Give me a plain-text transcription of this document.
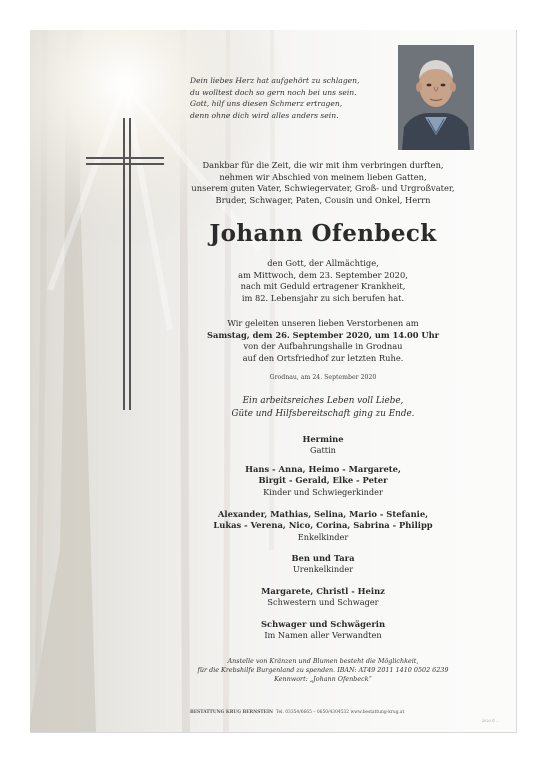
Dein liebes Herz hat aufgehört zu schlagen,
du wolltest doch so gern noch bei uns sein.
Gott, hilf uns diesen Schmerz ertragen,
denn ohne dich wird alles anders sein.
Dankbar für die Zeit, die wir mit ihm verbringen durften,
nehmen wir Abschied von meinem lieben Gatten,
unserem guten Vater, Schwiegervater, Groß- und Urgroßvater,
Bruder, Schwager, Paten, Cousin und Onkel, Herrn
Johann Ofenbeck
den Gott, der Allmächtige,
am Mittwoch, dem 23. September 2020,
nach mit Geduld ertragener Krankheit,
im 82. Lebensjahr zu sich berufen hat.
Wir geleiten unseren lieben Verstorbenen am
Samstag, dem 26. September 2020, um 14.00 Uhr
von der Aufbahrungshalle in Grodnau
auf den Ortsfriedhof zur letzten Ruhe.
Grodnau, am 24. September 2020
Ein arbeitsreiches Leben voll Liebe,
Güte und Hilfsbereitschaft ging zu Ende.
Hermine
Gattin
Hans - Anna, Heimo - Margarete,
Birgit - Gerald, Elke - Peter
Kinder und Schwiegerkinder
Alexander, Mathias, Selina, Mario - Stefanie,
Lukas - Verena, Nico, Corina, Sabrina - Philipp
Enkelkinder
Ben und Tara
Urenkelkinder
Margarete, Christl - Heinz
Schwestern und Schwager
Schwager und Schwägerin
Im Namen aller Verwandten
Anstelle von Kränzen und Blumen besteht die Möglichkeit,
für die Krebshilfe Burgenland zu spenden. IBAN: AT49 2011 1410 0502 6239
Kennwort: „Johann Ofenbeck“
BESTATTUNG KRUG BERNSTEIN Tel. 03354/6665 – 0650/4304532 www.bestattung-krug.at
2020 © ...
